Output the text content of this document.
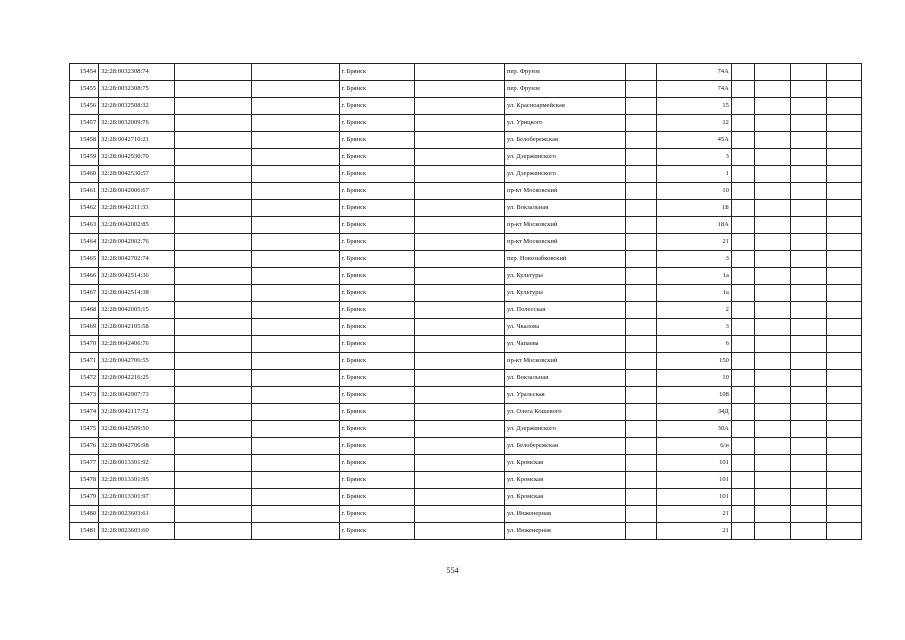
15454	32:28:0032308:74			г. Брянск		пер. Фрунзе		74А				
15455	32:28:0032308:75			г. Брянск		пер. Фрунзе		74А				
15456	32:28:0032508:32			г. Брянск		ул. Красноармейская		15				
15457	32:28:0032009:76			г. Брянск		ул. Урицкого		12				
15458	32:28:0042710:21			г. Брянск		ул. Белобережская		45А				
15459	32:28:0042530:70			г. Брянск		ул. Дзержинского		3				
15460	32:28:0042530:57			г. Брянск		ул. Дзержинского		1				
15461	32:28:0042006:67			г. Брянск		пр-кт Московский		10				
15462	32:28:0042211:33			г. Брянск		ул. Вокзальная		1Б				
15463	32:28:0042002:85			г. Брянск		пр-кт Московский		18А				
15464	32:28:0042002:76			г. Брянск		пр-кт Московский		21				
15465	32:28:0042702:74			г. Брянск		пер. Новозыбковский		3				
15466	32:28:0042514:36			г. Брянск		ул. Культуры		1а				
15467	32:28:0042514:38			г. Брянск		ул. Культуры		1а				
15468	32:28:0042005:15			г. Брянск		ул. Полесская		2				
15469	32:28:0042105:58			г. Брянск		ул. Чкалова		3				
15470	32:28:0042406:76			г. Брянск		ул. Чапаева		6				
15471	32:28:0042706:55			г. Брянск		пр-кт Московский		150				
15472	32:28:0042216:25			г. Брянск		ул. Вокзальная		10				
15473	32:28:0042907:73			г. Брянск		ул. Уральская		108				
15474	32:28:0042117:72			г. Брянск		ул. Олега Кошевого		34Д				
15475	32:28:0042509:50			г. Брянск		ул. Дзержинского		30А				
15476	32:28:0042706:98			г. Брянск		ул. Белобережская		6/н				
15477	32:28:0013301:92			г. Брянск		ул. Кромская		101				
15478	32:28:0013301:95			г. Брянск		ул. Кромская		101				
15479	32:28:0013301:97			г. Брянск		ул. Кромская		101				
15480	32:28:0023603:61			г. Брянск		ул. Инженерная		21				
15481	32:28:0023603:60			г. Брянск		ул. Инженерная		21				
554
